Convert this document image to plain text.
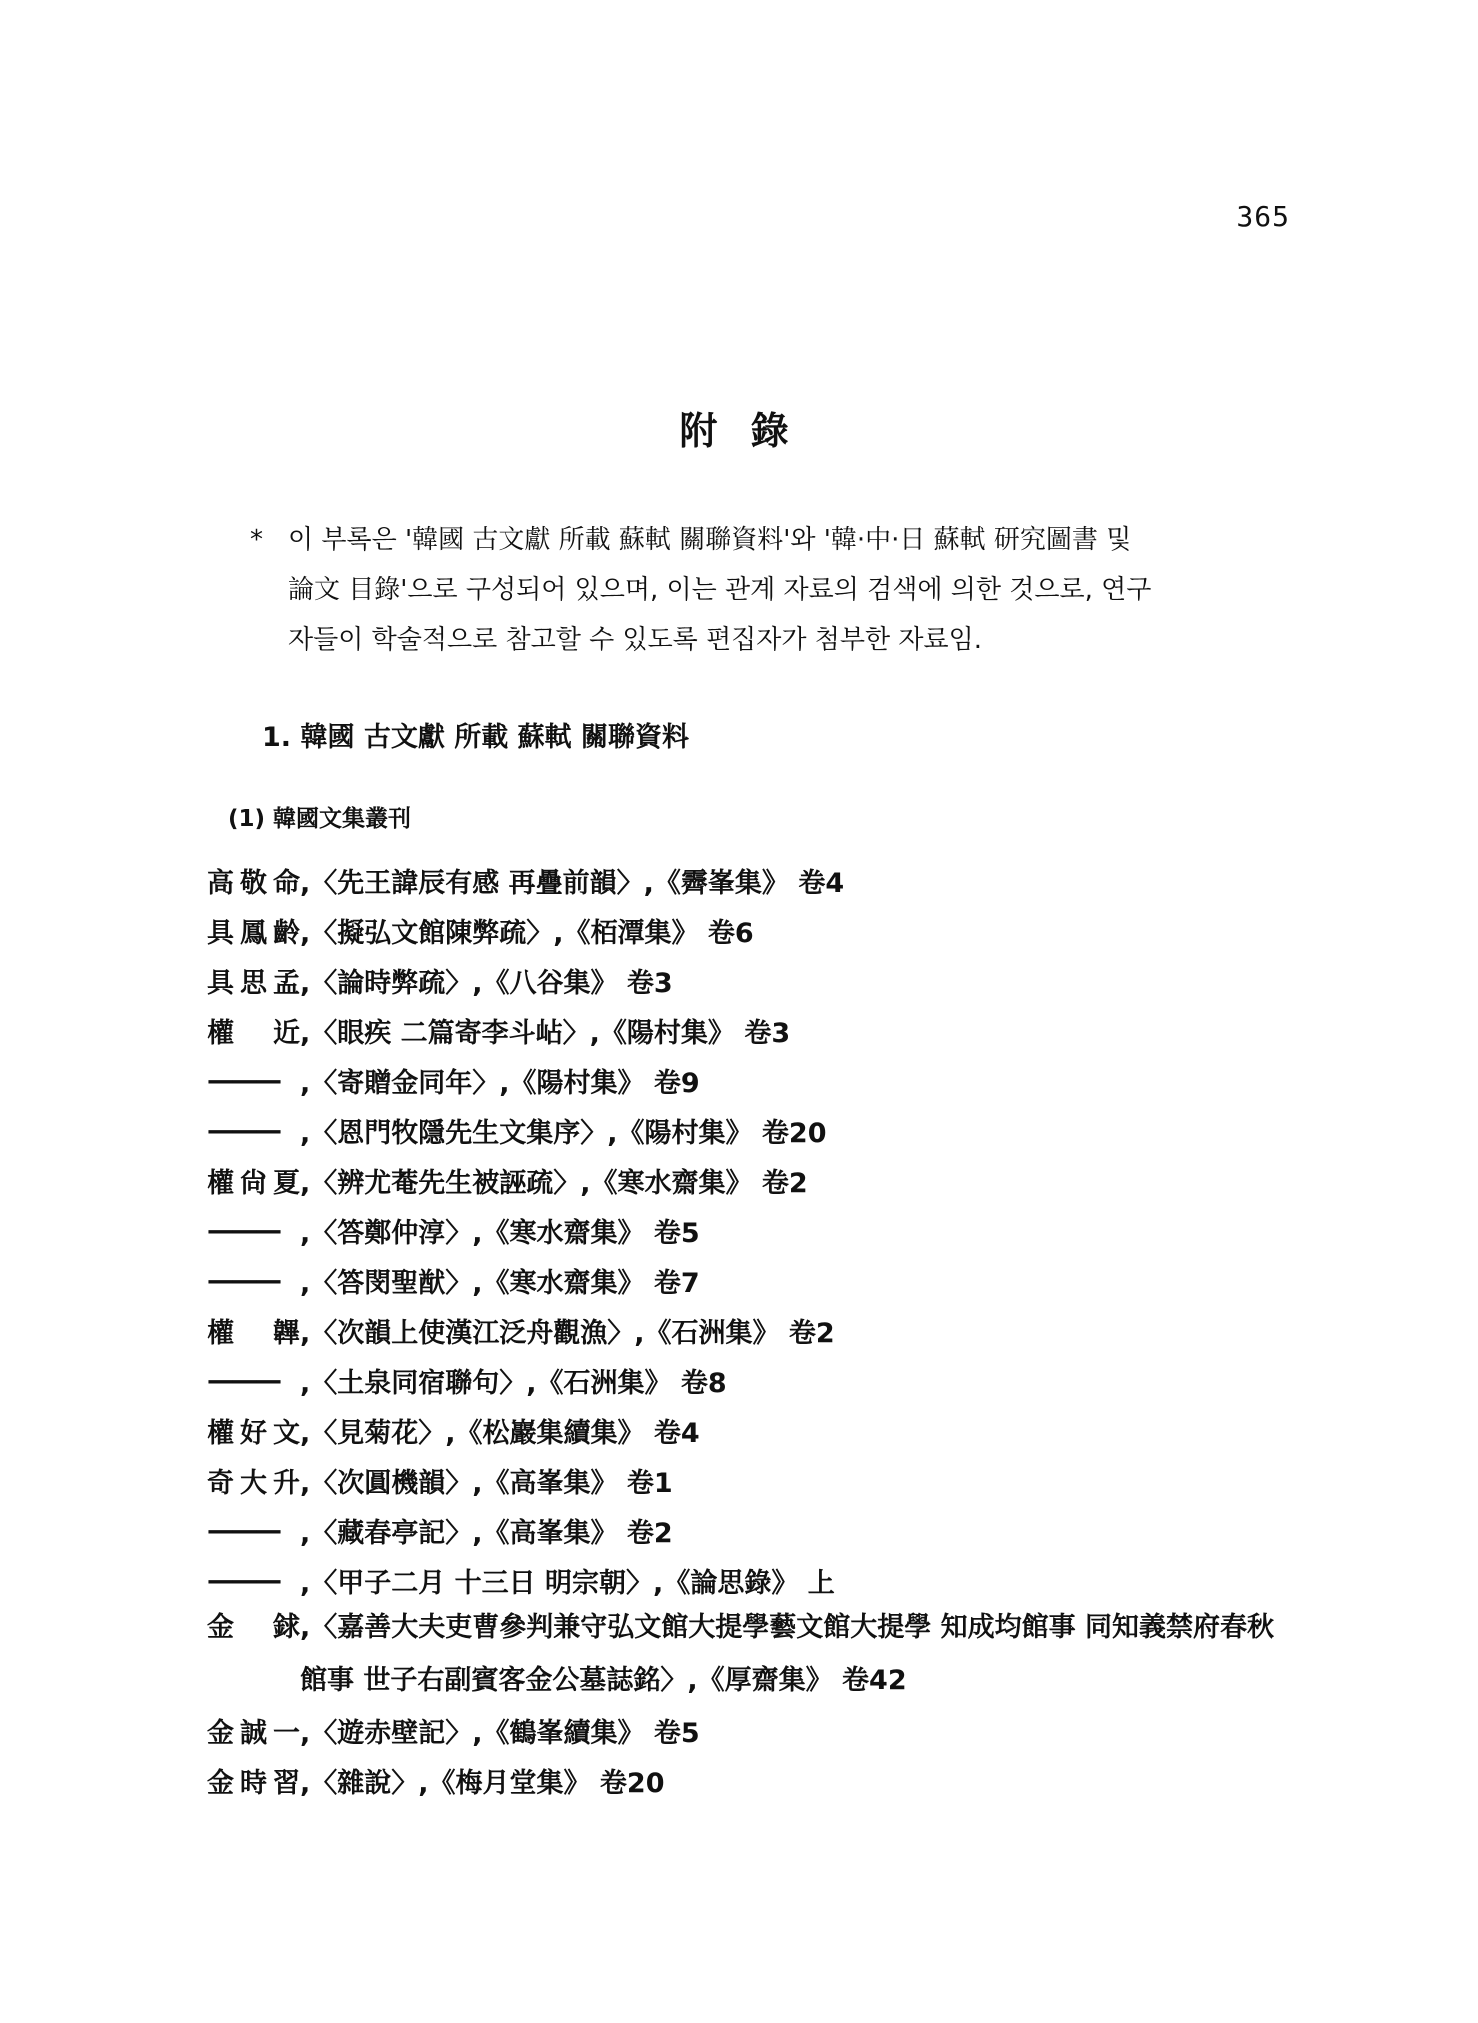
365
附 錄
* 이 부록은 '韓國 古文獻 所載 蘇軾 關聯資料'와 '韓·中·日 蘇軾 研究圖書 및
論文 目錄'으로 구성되어 있으며, 이는 관계 자료의 검색에 의한 것으로, 연구
자들이 학술적으로 참고할 수 있도록 편집자가 첨부한 자료임.
1. 韓國 古文獻 所載 蘇軾 關聯資料
(1) 韓國文集叢刊
高敬命 ,〈先王諱辰有感 再疊前韻〉,《霽峯集》 卷4
具鳳齡 ,〈擬弘文館陳弊疏〉,《栢潭集》 卷6
具思孟 ,〈論時弊疏〉,《八谷集》 卷3
權 近 ,〈眼疾 二篇寄李斗岾〉,《陽村集》 卷3
——— ,〈寄贈金同年〉,《陽村集》 卷9
——— ,〈恩門牧隱先生文集序〉,《陽村集》 卷20
權尙夏 ,〈辨尤菴先生被誣疏〉,《寒水齋集》 卷2
——— ,〈答鄭仲淳〉,《寒水齋集》 卷5
——— ,〈答閔聖猷〉,《寒水齋集》 卷7
權 韠 ,〈次韻上使漢江泛舟觀漁〉,《石洲集》 卷2
——— ,〈土泉同宿聯句〉,《石洲集》 卷8
權好文 ,〈見菊花〉,《松巖集續集》 卷4
奇大升 ,〈次圓機韻〉,《高峯集》 卷1
——— ,〈藏春亭記〉,《高峯集》 卷2
——— ,〈甲子二月 十三日 明宗朝〉,《論思錄》 上
金 銶 ,〈嘉善大夫吏曹參判兼守弘文館大提學藝文館大提學 知成均館事 同知義禁府春秋
館事 世子右副賓客金公墓誌銘〉,《厚齋集》 卷42
金誠一 ,〈遊赤壁記〉,《鶴峯續集》 卷5
金時習 ,〈雜說〉,《梅月堂集》 卷20
